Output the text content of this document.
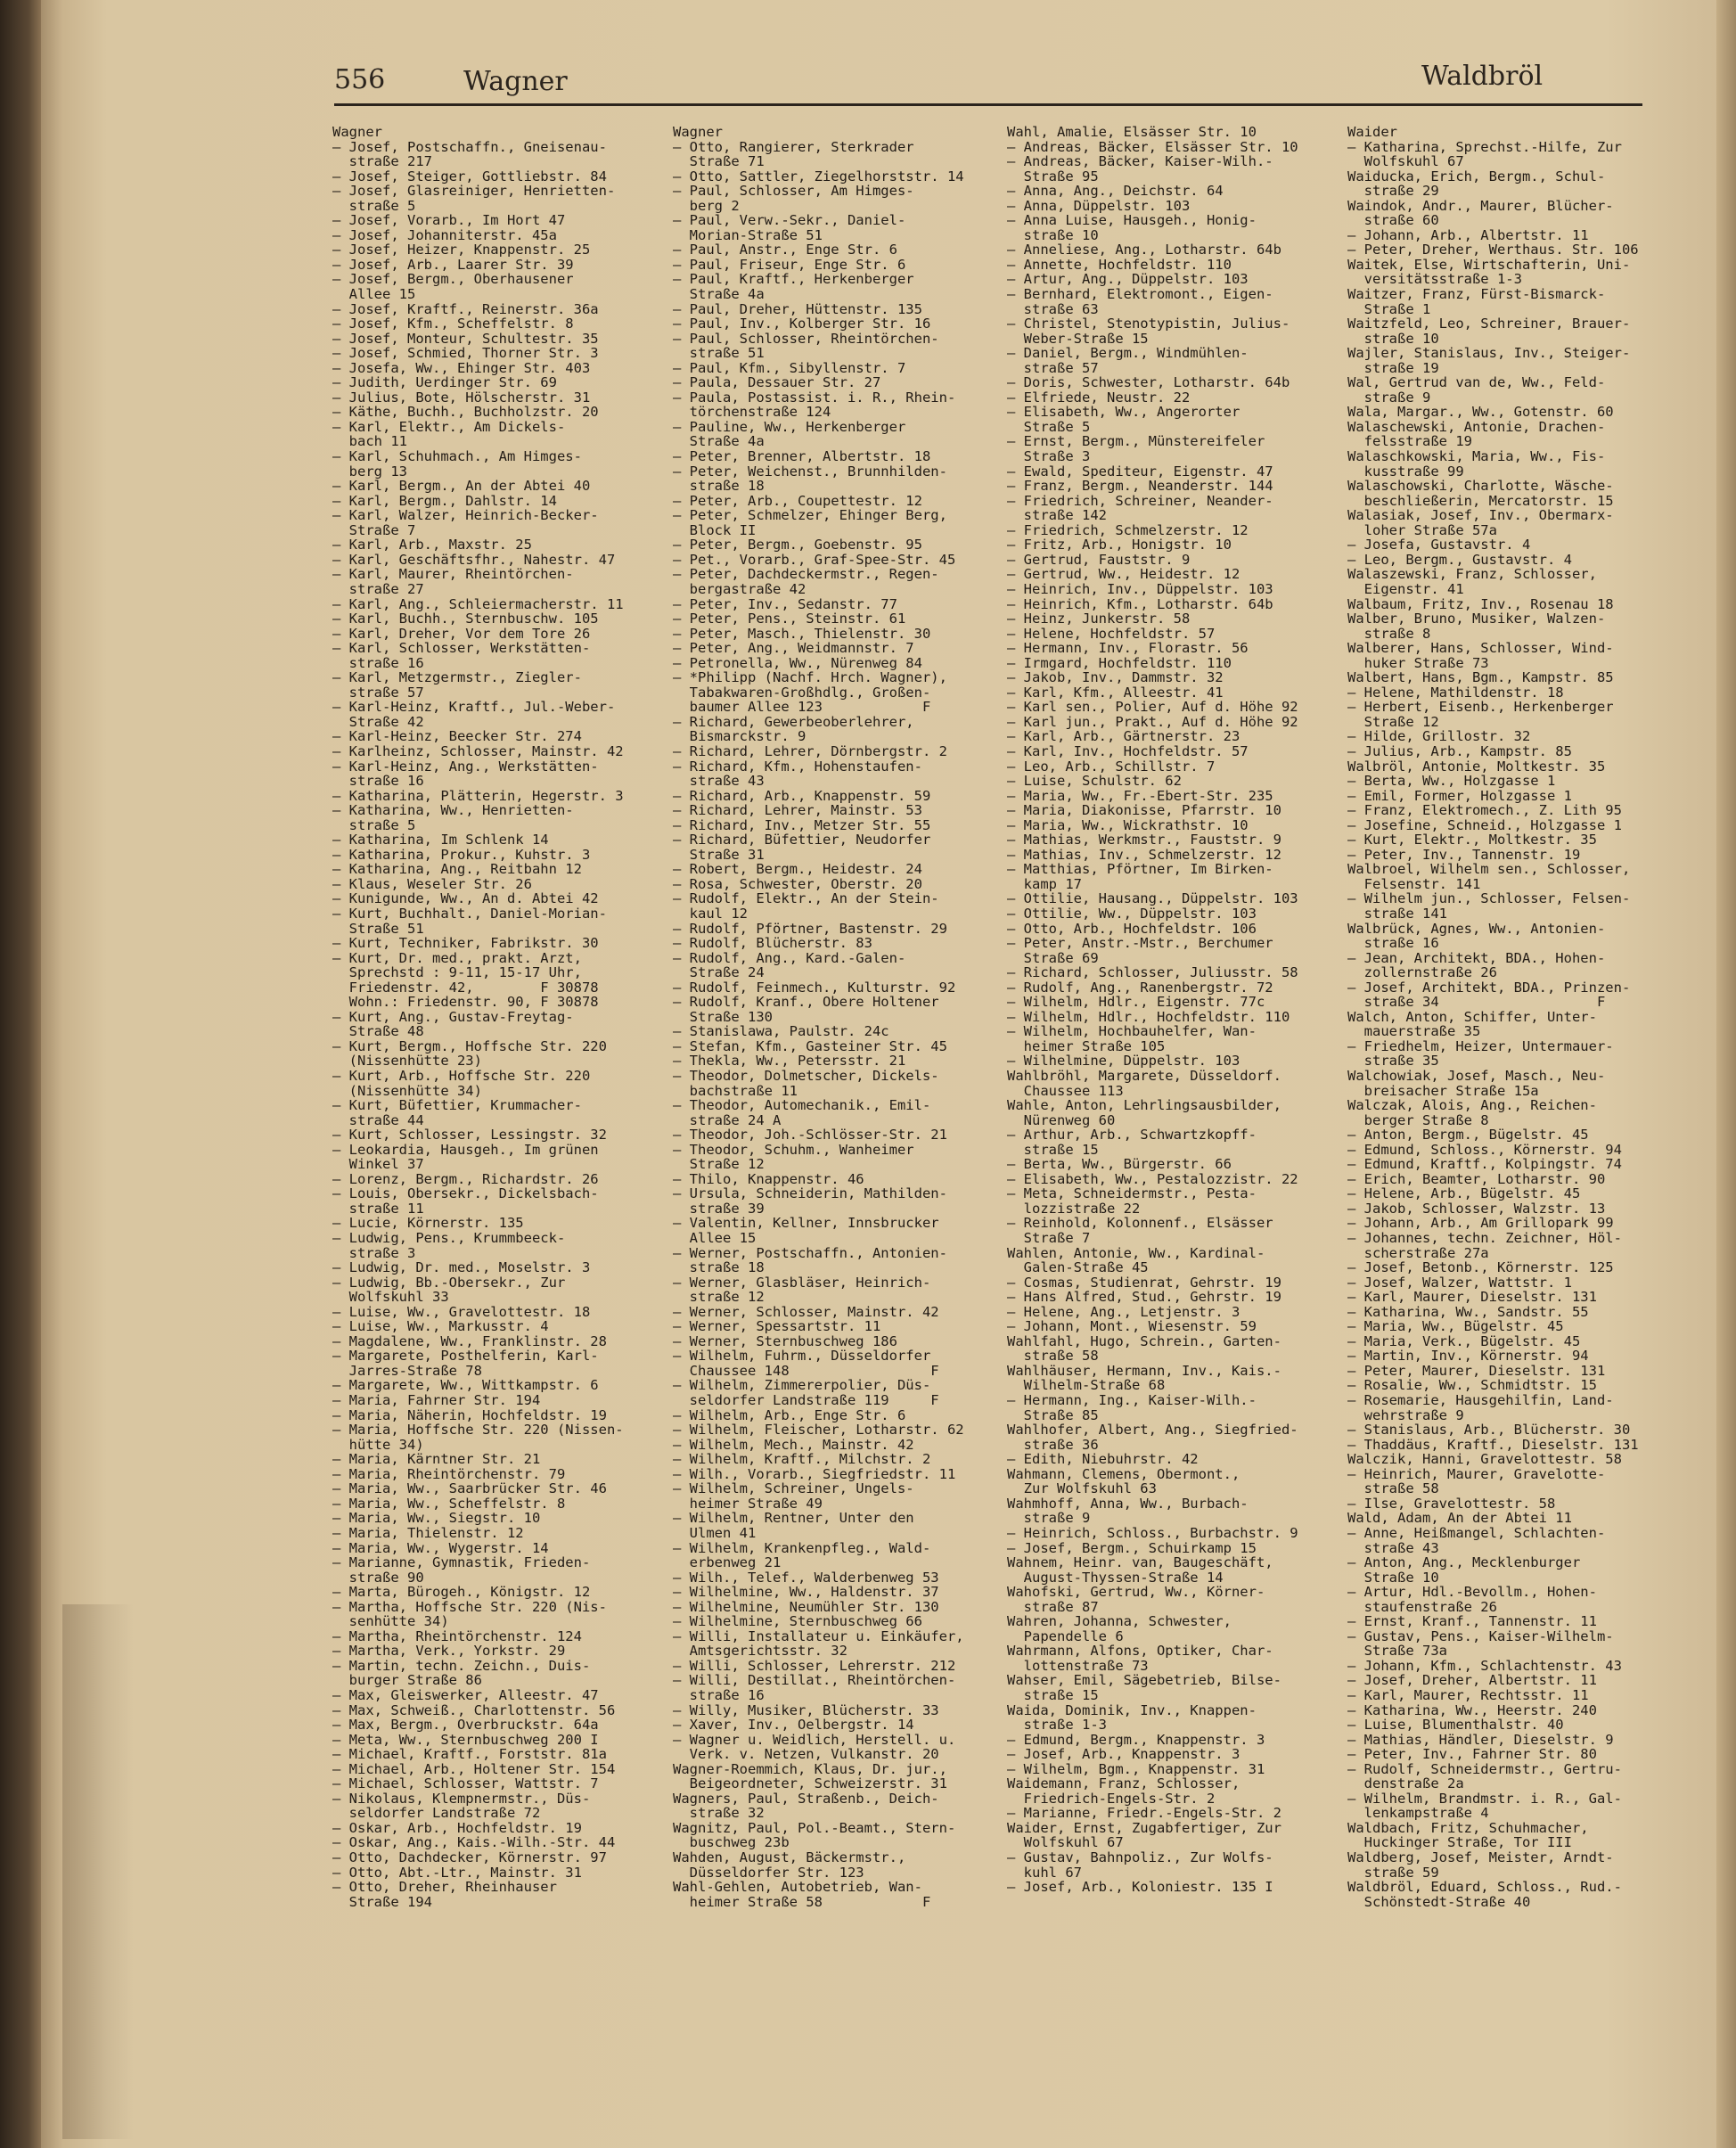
556	Wagner	Waldbröl
Wagner
— Josef, Postschaffn., Gneisenau-
straße 217
— Josef, Steiger, Gottliebstr. 84
— Josef, Glasreiniger, Henrietten-
straße 5
— Josef, Vorarb., Im Hort 47
— Josef, Johanniterstr. 45a
— Josef, Heizer, Knappenstr. 25
— Josef, Arb., Laarer Str. 39
— Josef, Bergm., Oberhausener
Allee 15
— Josef, Kraftf., Reinerstr. 36a
— Josef, Kfm., Scheffelstr. 8
— Josef, Monteur, Schultestr. 35
— Josef, Schmied, Thorner Str. 3
— Josefa, Ww., Ehinger Str. 403
— Judith, Uerdinger Str. 69
— Julius, Bote, Hölscherstr. 31
— Käthe, Buchh., Buchholzstr. 20
— Karl, Elektr., Am Dickels-
bach 11
— Karl, Schuhmach., Am Himges-
berg 13
— Karl, Bergm., An der Abtei 40
— Karl, Bergm., Dahlstr. 14
— Karl, Walzer, Heinrich-Becker-
Straße 7
— Karl, Arb., Maxstr. 25
— Karl, Geschäftsfhr., Nahestr. 47
— Karl, Maurer, Rheintörchen-
straße 27
— Karl, Ang., Schleiermacherstr. 11
— Karl, Buchh., Sternbuschw. 105
— Karl, Dreher, Vor dem Tore 26
— Karl, Schlosser, Werkstätten-
straße 16
— Karl, Metzgermstr., Ziegler-
straße 57
— Karl-Heinz, Kraftf., Jul.-Weber-
Straße 42
— Karl-Heinz, Beecker Str. 274
— Karlheinz, Schlosser, Mainstr. 42
— Karl-Heinz, Ang., Werkstätten-
straße 16
— Katharina, Plätterin, Hegerstr. 3
— Katharina, Ww., Henrietten-
straße 5
— Katharina, Im Schlenk 14
— Katharina, Prokur., Kuhstr. 3
— Katharina, Ang., Reitbahn 12
— Klaus, Weseler Str. 26
— Kunigunde, Ww., An d. Abtei 42
— Kurt, Buchhalt., Daniel-Morian-
Straße 51
— Kurt, Techniker, Fabrikstr. 30
— Kurt, Dr. med., prakt. Arzt,
Sprechstd : 9-11, 15-17 Uhr,
Friedenstr. 42,        F 30878
Wohn.: Friedenstr. 90, F 30878
— Kurt, Ang., Gustav-Freytag-
Straße 48
— Kurt, Bergm., Hoffsche Str. 220
(Nissenhütte 23)
— Kurt, Arb., Hoffsche Str. 220
(Nissenhütte 34)
— Kurt, Büfettier, Krummacher-
straße 44
— Kurt, Schlosser, Lessingstr. 32
— Leokardia, Hausgeh., Im grünen
Winkel 37
— Lorenz, Bergm., Richardstr. 26
— Louis, Obersekr., Dickelsbach-
straße 11
— Lucie, Körnerstr. 135
— Ludwig, Pens., Krummbeeck-
straße 3
— Ludwig, Dr. med., Moselstr. 3
— Ludwig, Bb.-Obersekr., Zur
Wolfskuhl 33
— Luise, Ww., Gravelottestr. 18
— Luise, Ww., Markusstr. 4
— Magdalene, Ww., Franklinstr. 28
— Margarete, Posthelferin, Karl-
Jarres-Straße 78
— Margarete, Ww., Wittkampstr. 6
— Maria, Fahrner Str. 194
— Maria, Näherin, Hochfeldstr. 19
— Maria, Hoffsche Str. 220 (Nissen-
hütte 34)
— Maria, Kärntner Str. 21
— Maria, Rheintörchenstr. 79
— Maria, Ww., Saarbrücker Str. 46
— Maria, Ww., Scheffelstr. 8
— Maria, Ww., Siegstr. 10
— Maria, Thielenstr. 12
— Maria, Ww., Wygerstr. 14
— Marianne, Gymnastik, Frieden-
straße 90
— Marta, Bürogeh., Königstr. 12
— Martha, Hoffsche Str. 220 (Nis-
senhütte 34)
— Martha, Rheintörchenstr. 124
— Martha, Verk., Yorkstr. 29
— Martin, techn. Zeichn., Duis-
burger Straße 86
— Max, Gleiswerker, Alleestr. 47
— Max, Schweiß., Charlottenstr. 56
— Max, Bergm., Overbruckstr. 64a
— Meta, Ww., Sternbuschweg 200 I
— Michael, Kraftf., Forststr. 81a
— Michael, Arb., Holtener Str. 154
— Michael, Schlosser, Wattstr. 7
— Nikolaus, Klempnermstr., Düs-
seldorfer Landstraße 72
— Oskar, Arb., Hochfeldstr. 19
— Oskar, Ang., Kais.-Wilh.-Str. 44
— Otto, Dachdecker, Körnerstr. 97
— Otto, Abt.-Ltr., Mainstr. 31
— Otto, Dreher, Rheinhauser
Straße 194
Wagner
— Otto, Rangierer, Sterkrader
Straße 71
— Otto, Sattler, Ziegelhorststr. 14
— Paul, Schlosser, Am Himges-
berg 2
— Paul, Verw.-Sekr., Daniel-
Morian-Straße 51
— Paul, Anstr., Enge Str. 6
— Paul, Friseur, Enge Str. 6
— Paul, Kraftf., Herkenberger
Straße 4a
— Paul, Dreher, Hüttenstr. 135
— Paul, Inv., Kolberger Str. 16
— Paul, Schlosser, Rheintörchen-
straße 51
— Paul, Kfm., Sibyllenstr. 7
— Paula, Dessauer Str. 27
— Paula, Postassist. i. R., Rhein-
törchenstraße 124
— Pauline, Ww., Herkenberger
Straße 4a
— Peter, Brenner, Albertstr. 18
— Peter, Weichenst., Brunnhilden-
straße 18
— Peter, Arb., Coupettestr. 12
— Peter, Schmelzer, Ehinger Berg,
Block II
— Peter, Bergm., Goebenstr. 95
— Pet., Vorarb., Graf-Spee-Str. 45
— Peter, Dachdeckermstr., Regen-
bergastraße 42
— Peter, Inv., Sedanstr. 77
— Peter, Pens., Steinstr. 61
— Peter, Masch., Thielenstr. 30
— Peter, Ang., Weidmannstr. 7
— Petronella, Ww., Nürenweg 84
— *Philipp (Nachf. Hrch. Wagner),
Tabakwaren-Großhdlg., Großen-
baumer Allee 123            F
— Richard, Gewerbeoberlehrer,
Bismarckstr. 9
— Richard, Lehrer, Dörnbergstr. 2
— Richard, Kfm., Hohenstaufen-
straße 43
— Richard, Arb., Knappenstr. 59
— Richard, Lehrer, Mainstr. 53
— Richard, Inv., Metzer Str. 55
— Richard, Büfettier, Neudorfer
Straße 31
— Robert, Bergm., Heidestr. 24
— Rosa, Schwester, Oberstr. 20
— Rudolf, Elektr., An der Stein-
kaul 12
— Rudolf, Pförtner, Bastenstr. 29
— Rudolf, Blücherstr. 83
— Rudolf, Ang., Kard.-Galen-
Straße 24
— Rudolf, Feinmech., Kulturstr. 92
— Rudolf, Kranf., Obere Holtener
Straße 130
— Stanislawa, Paulstr. 24c
— Stefan, Kfm., Gasteiner Str. 45
— Thekla, Ww., Petersstr. 21
— Theodor, Dolmetscher, Dickels-
bachstraße 11
— Theodor, Automechanik., Emil-
straße 24 A
— Theodor, Joh.-Schlösser-Str. 21
— Theodor, Schuhm., Wanheimer
Straße 12
— Thilo, Knappenstr. 46
— Ursula, Schneiderin, Mathilden-
straße 39
— Valentin, Kellner, Innsbrucker
Allee 15
— Werner, Postschaffn., Antonien-
straße 18
— Werner, Glasbläser, Heinrich-
straße 12
— Werner, Schlosser, Mainstr. 42
— Werner, Spessartstr. 11
— Werner, Sternbuschweg 186
— Wilhelm, Fuhrm., Düsseldorfer
Chaussee 148                 F
— Wilhelm, Zimmererpolier, Düs-
seldorfer Landstraße 119     F
— Wilhelm, Arb., Enge Str. 6
— Wilhelm, Fleischer, Lotharstr. 62
— Wilhelm, Mech., Mainstr. 42
— Wilhelm, Kraftf., Milchstr. 2
— Wilh., Vorarb., Siegfriedstr. 11
— Wilhelm, Schreiner, Ungels-
heimer Straße 49
— Wilhelm, Rentner, Unter den
Ulmen 41
— Wilhelm, Krankenpfleg., Wald-
erbenweg 21
— Wilh., Telef., Walderbenweg 53
— Wilhelmine, Ww., Haldenstr. 37
— Wilhelmine, Neumühler Str. 130
— Wilhelmine, Sternbuschweg 66
— Willi, Installateur u. Einkäufer,
Amtsgerichtsstr. 32
— Willi, Schlosser, Lehrerstr. 212
— Willi, Destillat., Rheintörchen-
straße 16
— Willy, Musiker, Blücherstr. 33
— Xaver, Inv., Oelbergstr. 14
— Wagner u. Weidlich, Herstell. u.
Verk. v. Netzen, Vulkanstr. 20
Wagner-Roemmich, Klaus, Dr. jur.,
Beigeordneter, Schweizerstr. 31
Wagners, Paul, Straßenb., Deich-
straße 32
Wagnitz, Paul, Pol.-Beamt., Stern-
buschweg 23b
Wahden, August, Bäckermstr.,
Düsseldorfer Str. 123
Wahl-Gehlen, Autobetrieb, Wan-
heimer Straße 58            F
Wahl, Amalie, Elsässer Str. 10
— Andreas, Bäcker, Elsässer Str. 10
— Andreas, Bäcker, Kaiser-Wilh.-
Straße 95
— Anna, Ang., Deichstr. 64
— Anna, Düppelstr. 103
— Anna Luise, Hausgeh., Honig-
straße 10
— Anneliese, Ang., Lotharstr. 64b
— Annette, Hochfeldstr. 110
— Artur, Ang., Düppelstr. 103
— Bernhard, Elektromont., Eigen-
straße 63
— Christel, Stenotypistin, Julius-
Weber-Straße 15
— Daniel, Bergm., Windmühlen-
straße 57
— Doris, Schwester, Lotharstr. 64b
— Elfriede, Neustr. 22
— Elisabeth, Ww., Angerorter
Straße 5
— Ernst, Bergm., Münstereifeler
Straße 3
— Ewald, Spediteur, Eigenstr. 47
— Franz, Bergm., Neanderstr. 144
— Friedrich, Schreiner, Neander-
straße 142
— Friedrich, Schmelzerstr. 12
— Fritz, Arb., Honigstr. 10
— Gertrud, Fauststr. 9
— Gertrud, Ww., Heidestr. 12
— Heinrich, Inv., Düppelstr. 103
— Heinrich, Kfm., Lotharstr. 64b
— Heinz, Junkerstr. 58
— Helene, Hochfeldstr. 57
— Hermann, Inv., Florastr. 56
— Irmgard, Hochfeldstr. 110
— Jakob, Inv., Dammstr. 32
— Karl, Kfm., Alleestr. 41
— Karl sen., Polier, Auf d. Höhe 92
— Karl jun., Prakt., Auf d. Höhe 92
— Karl, Arb., Gärtnerstr. 23
— Karl, Inv., Hochfeldstr. 57
— Leo, Arb., Schillstr. 7
— Luise, Schulstr. 62
— Maria, Ww., Fr.-Ebert-Str. 235
— Maria, Diakonisse, Pfarrstr. 10
— Maria, Ww., Wickrathstr. 10
— Mathias, Werkmstr., Fauststr. 9
— Mathias, Inv., Schmelzerstr. 12
— Matthias, Pförtner, Im Birken-
kamp 17
— Ottilie, Hausang., Düppelstr. 103
— Ottilie, Ww., Düppelstr. 103
— Otto, Arb., Hochfeldstr. 106
— Peter, Anstr.-Mstr., Berchumer
Straße 69
— Richard, Schlosser, Juliusstr. 58
— Rudolf, Ang., Ranenbergstr. 72
— Wilhelm, Hdlr., Eigenstr. 77c
— Wilhelm, Hdlr., Hochfeldstr. 110
— Wilhelm, Hochbauhelfer, Wan-
heimer Straße 105
— Wilhelmine, Düppelstr. 103
Wahlbröhl, Margarete, Düsseldorf.
Chaussee 113
Wahle, Anton, Lehrlingsausbilder,
Nürenweg 60
— Arthur, Arb., Schwartzkopff-
straße 15
— Berta, Ww., Bürgerstr. 66
— Elisabeth, Ww., Pestalozzistr. 22
— Meta, Schneidermstr., Pesta-
lozzistraße 22
— Reinhold, Kolonnenf., Elsässer
Straße 7
Wahlen, Antonie, Ww., Kardinal-
Galen-Straße 45
— Cosmas, Studienrat, Gehrstr. 19
— Hans Alfred, Stud., Gehrstr. 19
— Helene, Ang., Letjenstr. 3
— Johann, Mont., Wiesenstr. 59
Wahlfahl, Hugo, Schrein., Garten-
straße 58
Wahlhäuser, Hermann, Inv., Kais.-
Wilhelm-Straße 68
— Hermann, Ing., Kaiser-Wilh.-
Straße 85
Wahlhofer, Albert, Ang., Siegfried-
straße 36
— Edith, Niebuhrstr. 42
Wahmann, Clemens, Obermont.,
Zur Wolfskuhl 63
Wahmhoff, Anna, Ww., Burbach-
straße 9
— Heinrich, Schloss., Burbachstr. 9
— Josef, Bergm., Schuirkamp 15
Wahnem, Heinr. van, Baugeschäft,
August-Thyssen-Straße 14
Wahofski, Gertrud, Ww., Körner-
straße 87
Wahren, Johanna, Schwester,
Papendelle 6
Wahrmann, Alfons, Optiker, Char-
lottenstraße 73
Wahser, Emil, Sägebetrieb, Bilse-
straße 15
Waida, Dominik, Inv., Knappen-
straße 1-3
— Edmund, Bergm., Knappenstr. 3
— Josef, Arb., Knappenstr. 3
— Wilhelm, Bgm., Knappenstr. 31
Waidemann, Franz, Schlosser,
Friedrich-Engels-Str. 2
— Marianne, Friedr.-Engels-Str. 2
Waider, Ernst, Zugabfertiger, Zur
Wolfskuhl 67
— Gustav, Bahnpoliz., Zur Wolfs-
kuhl 67
— Josef, Arb., Koloniestr. 135 I
Waider
— Katharina, Sprechst.-Hilfe, Zur
Wolfskuhl 67
Waiducka, Erich, Bergm., Schul-
straße 29
Waindok, Andr., Maurer, Blücher-
straße 60
— Johann, Arb., Albertstr. 11
— Peter, Dreher, Werthaus. Str. 106
Waitek, Else, Wirtschafterin, Uni-
versitätsstraße 1-3
Waitzer, Franz, Fürst-Bismarck-
Straße 1
Waitzfeld, Leo, Schreiner, Brauer-
straße 10
Wajler, Stanislaus, Inv., Steiger-
straße 19
Wal, Gertrud van de, Ww., Feld-
straße 9
Wala, Margar., Ww., Gotenstr. 60
Walaschewski, Antonie, Drachen-
felsstraße 19
Walaschkowski, Maria, Ww., Fis-
kusstraße 99
Walaschowski, Charlotte, Wäsche-
beschließerin, Mercatorstr. 15
Walasiak, Josef, Inv., Obermarx-
loher Straße 57a
— Josefa, Gustavstr. 4
— Leo, Bergm., Gustavstr. 4
Walaszewski, Franz, Schlosser,
Eigenstr. 41
Walbaum, Fritz, Inv., Rosenau 18
Walber, Bruno, Musiker, Walzen-
straße 8
Walberer, Hans, Schlosser, Wind-
huker Straße 73
Walbert, Hans, Bgm., Kampstr. 85
— Helene, Mathildenstr. 18
— Herbert, Eisenb., Herkenberger
Straße 12
— Hilde, Grillostr. 32
— Julius, Arb., Kampstr. 85
Walbröl, Antonie, Moltkestr. 35
— Berta, Ww., Holzgasse 1
— Emil, Former, Holzgasse 1
— Franz, Elektromech., Z. Lith 95
— Josefine, Schneid., Holzgasse 1
— Kurt, Elektr., Moltkestr. 35
— Peter, Inv., Tannenstr. 19
Walbroel, Wilhelm sen., Schlosser,
Felsenstr. 141
— Wilhelm jun., Schlosser, Felsen-
straße 141
Walbrück, Agnes, Ww., Antonien-
straße 16
— Jean, Architekt, BDA., Hohen-
zollernstraße 26
— Josef, Architekt, BDA., Prinzen-
straße 34                   F
Walch, Anton, Schiffer, Unter-
mauerstraße 35
— Friedhelm, Heizer, Untermauer-
straße 35
Walchowiak, Josef, Masch., Neu-
breisacher Straße 15a
Walczak, Alois, Ang., Reichen-
berger Straße 8
— Anton, Bergm., Bügelstr. 45
— Edmund, Schloss., Körnerstr. 94
— Edmund, Kraftf., Kolpingstr. 74
— Erich, Beamter, Lotharstr. 90
— Helene, Arb., Bügelstr. 45
— Jakob, Schlosser, Walzstr. 13
— Johann, Arb., Am Grillopark 99
— Johannes, techn. Zeichner, Höl-
scherstraße 27a
— Josef, Betonb., Körnerstr. 125
— Josef, Walzer, Wattstr. 1
— Karl, Maurer, Dieselstr. 131
— Katharina, Ww., Sandstr. 55
— Maria, Ww., Bügelstr. 45
— Maria, Verk., Bügelstr. 45
— Martin, Inv., Körnerstr. 94
— Peter, Maurer, Dieselstr. 131
— Rosalie, Ww., Schmidtstr. 15
— Rosemarie, Hausgehilfin, Land-
wehrstraße 9
— Stanislaus, Arb., Blücherstr. 30
— Thaddäus, Kraftf., Dieselstr. 131
Walczik, Hanni, Gravelottestr. 58
— Heinrich, Maurer, Gravelotte-
straße 58
— Ilse, Gravelottestr. 58
Wald, Adam, An der Abtei 11
— Anne, Heißmangel, Schlachten-
straße 43
— Anton, Ang., Mecklenburger
Straße 10
— Artur, Hdl.-Bevollm., Hohen-
staufenstraße 26
— Ernst, Kranf., Tannenstr. 11
— Gustav, Pens., Kaiser-Wilhelm-
Straße 73a
— Johann, Kfm., Schlachtenstr. 43
— Josef, Dreher, Albertstr. 11
— Karl, Maurer, Rechtsstr. 11
— Katharina, Ww., Heerstr. 240
— Luise, Blumenthalstr. 40
— Mathias, Händler, Dieselstr. 9
— Peter, Inv., Fahrner Str. 80
— Rudolf, Schneidermstr., Gertru-
denstraße 2a
— Wilhelm, Brandmstr. i. R., Gal-
lenkampstraße 4
Waldbach, Fritz, Schuhmacher,
Huckinger Straße, Tor III
Waldberg, Josef, Meister, Arndt-
straße 59
Waldbröl, Eduard, Schloss., Rud.-
Schönstedt-Straße 40
